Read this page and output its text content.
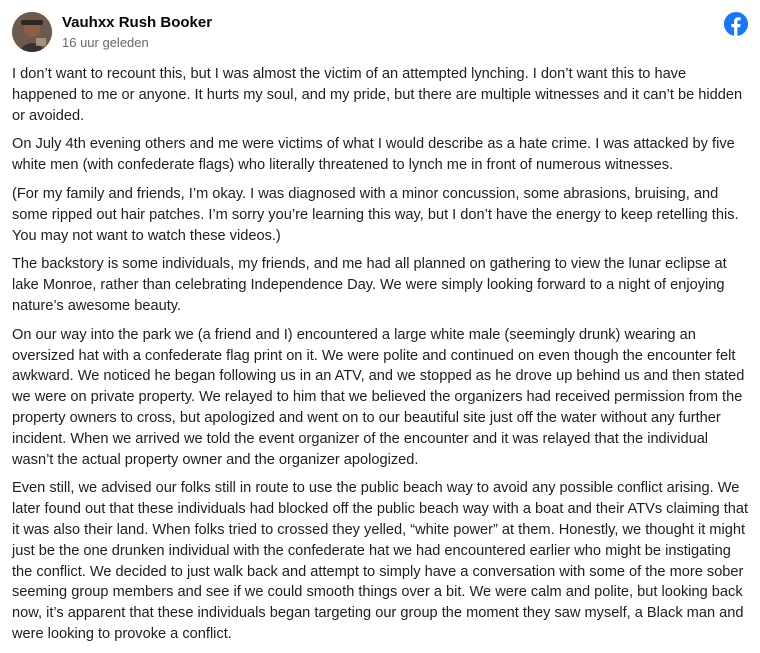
Vauhxx Rush Booker
16 uur geleden

I don’t want to recount this, but I was almost the victim of an attempted lynching. I don’t want this to have happened to me or anyone. It hurts my soul, and my pride, but there are multiple witnesses and it can’t be hidden or avoided.

On July 4th evening others and me were victims of what I would describe as a hate crime. I was attacked by five white men (with confederate flags) who literally threatened to lynch me in front of numerous witnesses.

(For my family and friends, I’m okay. I was diagnosed with a minor concussion, some abrasions, bruising, and some ripped out hair patches. I’m sorry you’re learning this way, but I don’t have the energy to keep retelling this. You may not want to watch these videos.)

The backstory is some individuals, my friends, and me had all planned on gathering to view the lunar eclipse at lake Monroe, rather than celebrating Independence Day. We were simply looking forward to a night of enjoying nature’s awesome beauty.

On our way into the park we (a friend and I) encountered a large white male (seemingly drunk) wearing an oversized hat with a confederate flag print on it. We were polite and continued on even though the encounter felt awkward. We noticed he began following us in an ATV, and we stopped as he drove up behind us and then stated we were on private property. We relayed to him that we believed the organizers had received permission from the property owners to cross, but apologized and went on to our beautiful site just off the water without any further incident. When we arrived we told the event organizer of the encounter and it was relayed that the individual wasn’t the actual property owner and the organizer apologized.

Even still, we advised our folks still in route to use the public beach way to avoid any possible conflict arising. We later found out that these individuals had blocked off the public beach way with a boat and their ATVs claiming that it was also their land. When folks tried to crossed they yelled, “white power” at them. Honestly, we thought it might just be the one drunken individual with the confederate hat we had encountered earlier who might be instigating the conflict. We decided to just walk back and attempt to simply have a conversation with some of the more sober seeming group members and see if we could smooth things over a bit. We were calm and polite, but looking back now, it’s apparent that these individuals began targeting our group the moment they saw myself, a Black man and were looking to provoke a conflict.
